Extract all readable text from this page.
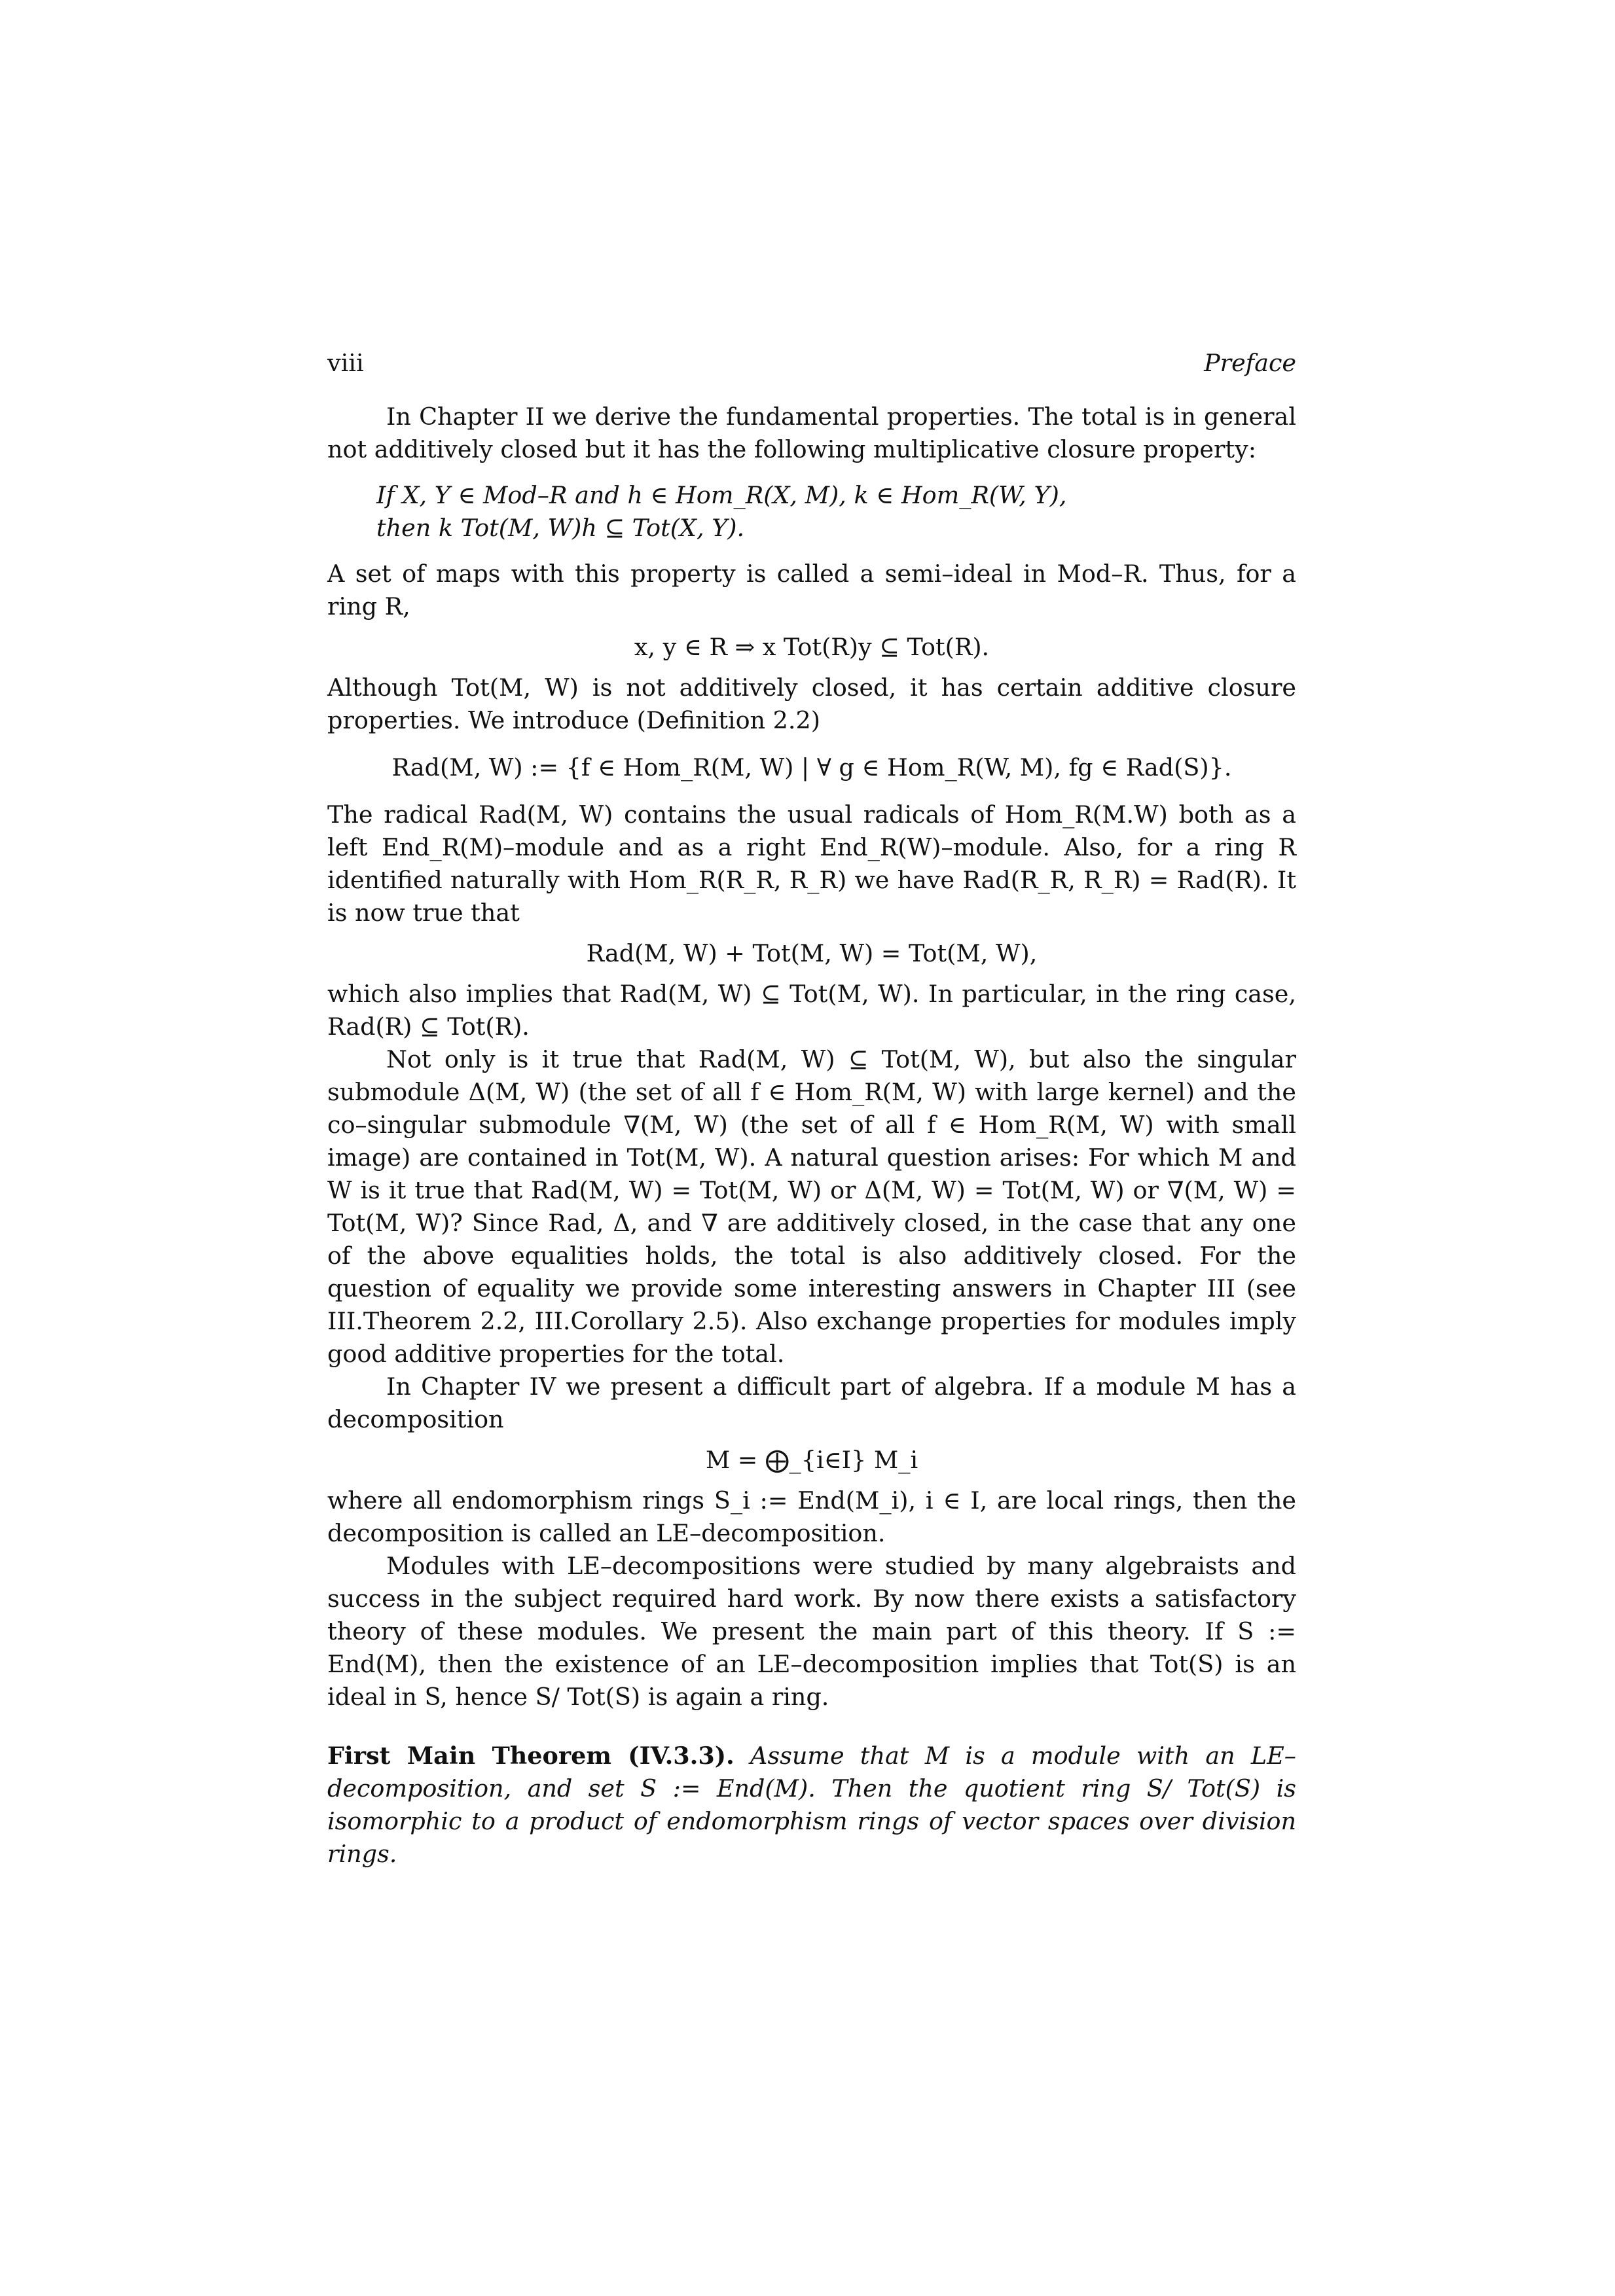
viii	Preface

In Chapter II we derive the fundamental properties. The total is in general not additively closed but it has the following multiplicative closure property:

If X, Y ∈ Mod–R and h ∈ Hom_R(X, M), k ∈ Hom_R(W, Y),
then k Tot(M, W)h ⊆ Tot(X, Y).

A set of maps with this property is called a semi–ideal in Mod–R. Thus, for a ring R,

x, y ∈ R ⇒ x Tot(R)y ⊆ Tot(R).

Although Tot(M, W) is not additively closed, it has certain additive closure properties. We introduce (Definition 2.2)

Rad(M, W) := {f ∈ Hom_R(M, W) | ∀ g ∈ Hom_R(W, M), fg ∈ Rad(S)}.

The radical Rad(M, W) contains the usual radicals of Hom_R(M.W) both as a left End_R(M)–module and as a right End_R(W)–module. Also, for a ring R identified naturally with Hom_R(R_R, R_R) we have Rad(R_R, R_R) = Rad(R). It is now true that

Rad(M, W) + Tot(M, W) = Tot(M, W),

which also implies that Rad(M, W) ⊆ Tot(M, W). In particular, in the ring case, Rad(R) ⊆ Tot(R).

Not only is it true that Rad(M, W) ⊆ Tot(M, W), but also the singular submodule Δ(M, W) (the set of all f ∈ Hom_R(M, W) with large kernel) and the co–singular submodule ∇(M, W) (the set of all f ∈ Hom_R(M, W) with small image) are contained in Tot(M, W). A natural question arises: For which M and W is it true that Rad(M, W) = Tot(M, W) or Δ(M, W) = Tot(M, W) or ∇(M, W) = Tot(M, W)? Since Rad, Δ, and ∇ are additively closed, in the case that any one of the above equalities holds, the total is also additively closed. For the question of equality we provide some interesting answers in Chapter III (see III.Theorem 2.2, III.Corollary 2.5). Also exchange properties for modules imply good additive properties for the total.

In Chapter IV we present a difficult part of algebra. If a module M has a decomposition

M = ⨁_{i∈I} M_i

where all endomorphism rings S_i := End(M_i), i ∈ I, are local rings, then the decomposition is called an LE–decomposition.

Modules with LE–decompositions were studied by many algebraists and success in the subject required hard work. By now there exists a satisfactory theory of these modules. We present the main part of this theory. If S := End(M), then the existence of an LE–decomposition implies that Tot(S) is an ideal in S, hence S/ Tot(S) is again a ring.

First Main Theorem (IV.3.3). Assume that M is a module with an LE–decomposition, and set S := End(M). Then the quotient ring S/ Tot(S) is isomorphic to a product of endomorphism rings of vector spaces over division rings.
